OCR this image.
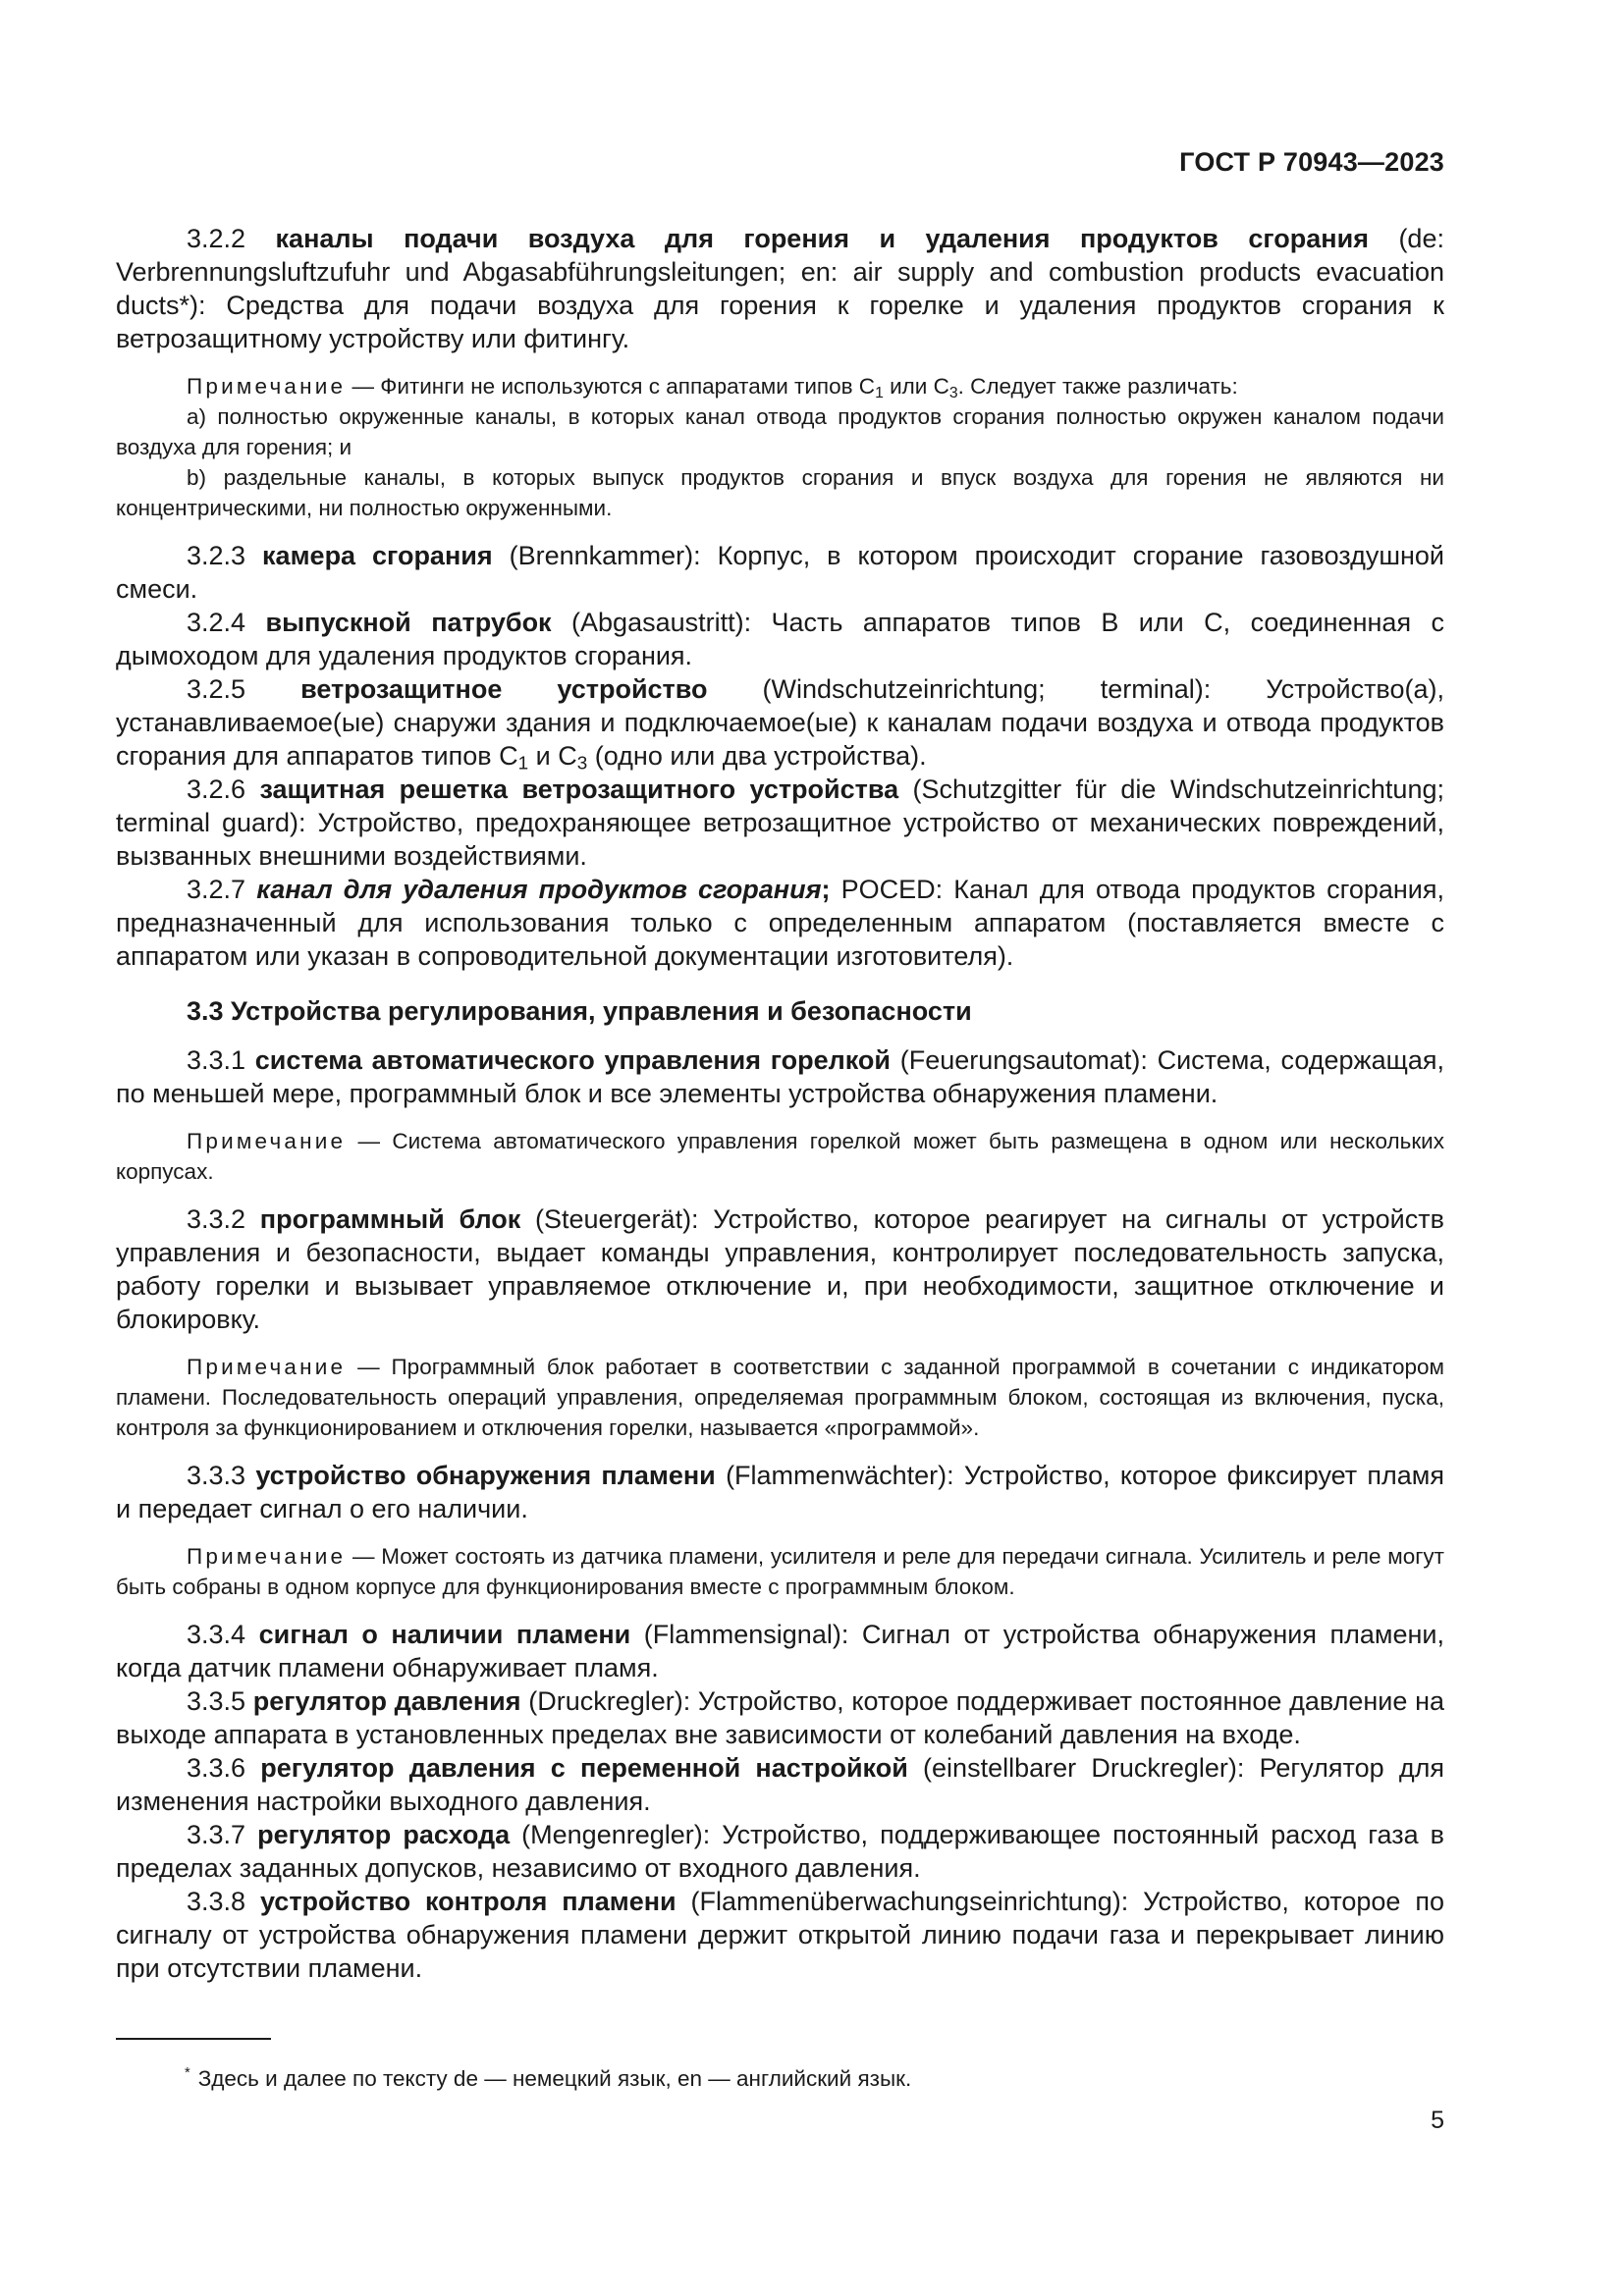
ГОСТ Р 70943—2023

3.2.2 каналы подачи воздуха для горения и удаления продуктов сгорания (de: Verbrennungsluftzufuhr und Abgasabführungsleitungen; en: air supply and combustion products evacuation ducts*): Средства для подачи воздуха для горения к горелке и удаления продуктов сгорания к ветрозащитному устройству или фитингу.

Примечание — Фитинги не используются с аппаратами типов $C_1$ или $C_3$. Следует также различать:

a) полностью окруженные каналы, в которых канал отвода продуктов сгорания полностью окружен каналом подачи воздуха для горения; и

b) раздельные каналы, в которых выпуск продуктов сгорания и впуск воздуха для горения не являются ни концентрическими, ни полностью окруженными.

3.2.3 камера сгорания (Brennkammer): Корпус, в котором происходит сгорание газовоздушной смеси.

3.2.4 выпускной патрубок (Abgasaustritt): Часть аппаратов типов B или C, соединенная с дымоходом для удаления продуктов сгорания.

3.2.5 ветрозащитное устройство (Windschutzeinrichtung; terminal): Устройство(а), устанавливаемое(ые) снаружи здания и подключаемое(ые) к каналам подачи воздуха и отвода продуктов сгорания для аппаратов типов $C_1$ и $C_3$ (одно или два устройства).

3.2.6 защитная решетка ветрозащитного устройства (Schutzgitter für die Windschutzeinrichtung; terminal guard): Устройство, предохраняющее ветрозащитное устройство от механических повреждений, вызванных внешними воздействиями.

3.2.7 канал для удаления продуктов сгорания; POCED: Канал для отвода продуктов сгорания, предназначенный для использования только с определенным аппаратом (поставляется вместе с аппаратом или указан в сопроводительной документации изготовителя).

3.3 Устройства регулирования, управления и безопасности

3.3.1 система автоматического управления горелкой (Feuerungsautomat): Система, содержащая, по меньшей мере, программный блок и все элементы устройства обнаружения пламени.

Примечание — Система автоматического управления горелкой может быть размещена в одном или нескольких корпусах.

3.3.2 программный блок (Steuergerät): Устройство, которое реагирует на сигналы от устройств управления и безопасности, выдает команды управления, контролирует последовательность запуска, работу горелки и вызывает управляемое отключение и, при необходимости, защитное отключение и блокировку.

Примечание — Программный блок работает в соответствии с заданной программой в сочетании с индикатором пламени. Последовательность операций управления, определяемая программным блоком, состоящая из включения, пуска, контроля за функционированием и отключения горелки, называется «программой».

3.3.3 устройство обнаружения пламени (Flammenwächter): Устройство, которое фиксирует пламя и передает сигнал о его наличии.

Примечание — Может состоять из датчика пламени, усилителя и реле для передачи сигнала. Усилитель и реле могут быть собраны в одном корпусе для функционирования вместе с программным блоком.

3.3.4 сигнал о наличии пламени (Flammensignal): Сигнал от устройства обнаружения пламени, когда датчик пламени обнаруживает пламя.

3.3.5 регулятор давления (Druckregler): Устройство, которое поддерживает постоянное давление на выходе аппарата в установленных пределах вне зависимости от колебаний давления на входе.

3.3.6 регулятор давления с переменной настройкой (einstellbarer Druckregler): Регулятор для изменения настройки выходного давления.

3.3.7 регулятор расхода (Mengenregler): Устройство, поддерживающее постоянный расход газа в пределах заданных допусков, независимо от входного давления.

3.3.8 устройство контроля пламени (Flammenüberwachungseinrichtung): Устройство, которое по сигналу от устройства обнаружения пламени держит открытой линию подачи газа и перекрывает линию при отсутствии пламени.

* Здесь и далее по тексту de — немецкий язык, en — английский язык.
5
